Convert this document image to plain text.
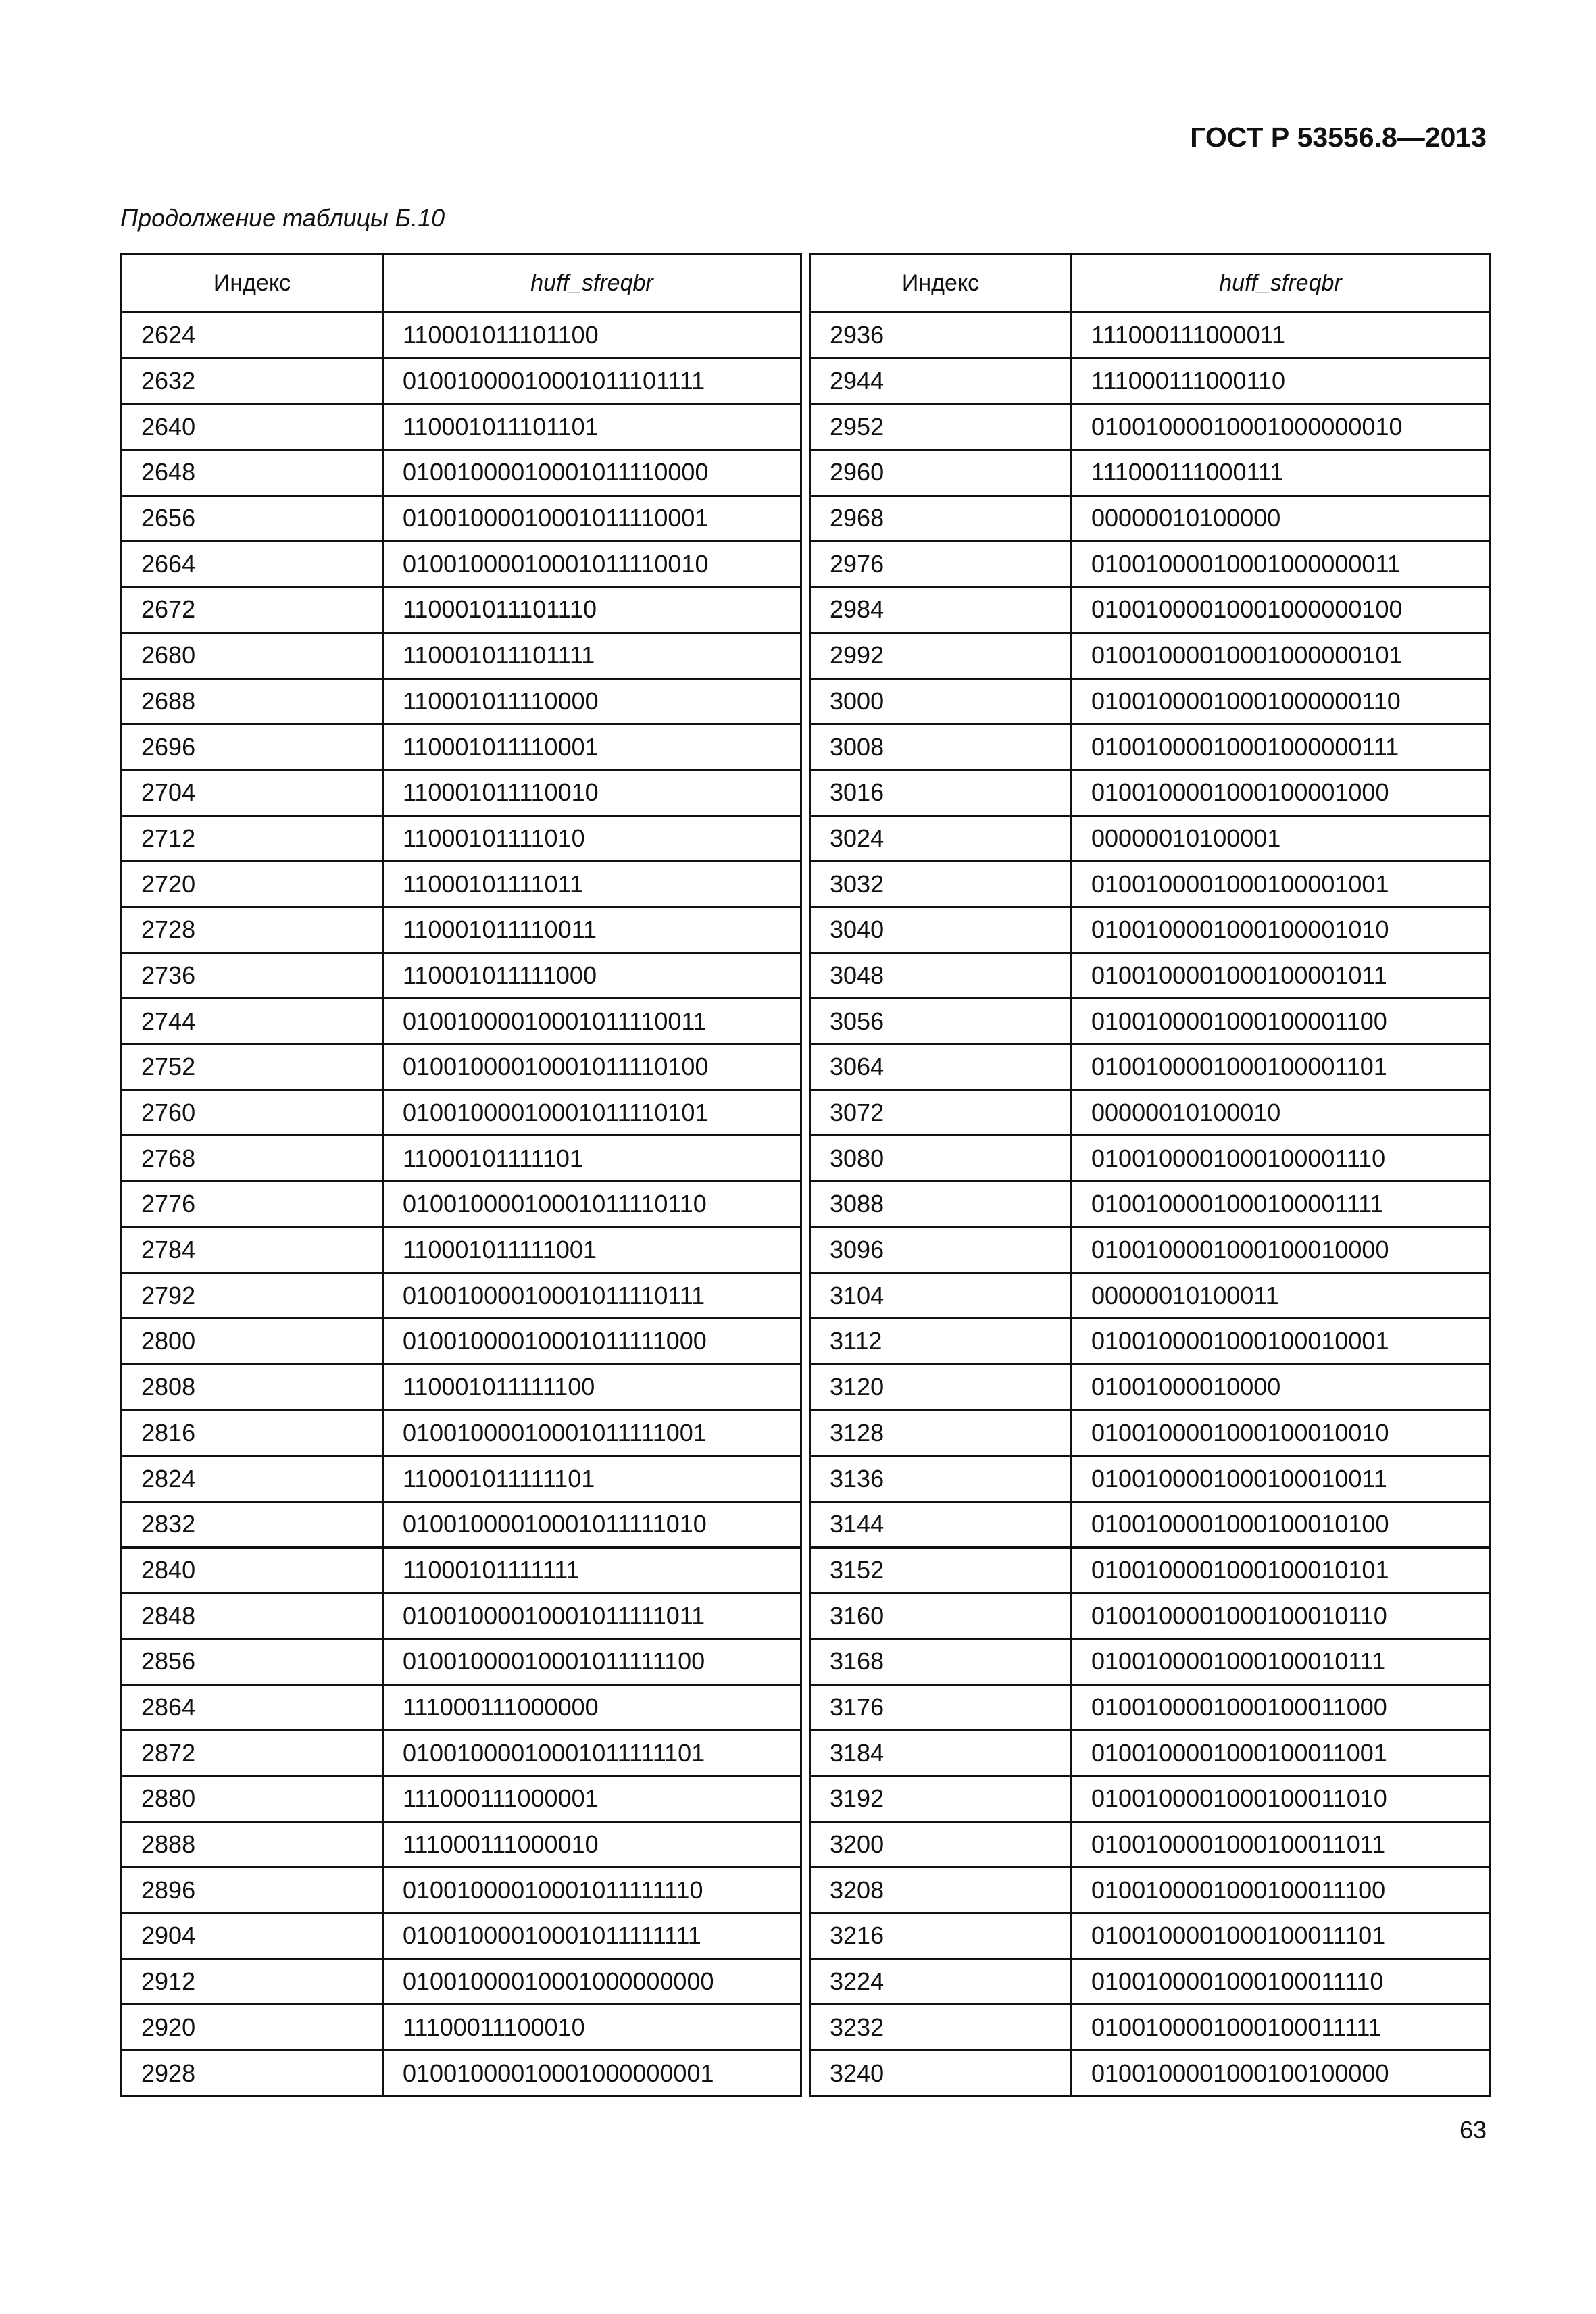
ГОСТ Р 53556.8—2013
Продолжение таблицы Б.10
Индекс	huff_sfreqbr
2624	110001011101100
2632	01001000010001011101111
2640	110001011101101
2648	01001000010001011110000
2656	01001000010001011110001
2664	01001000010001011110010
2672	110001011101110
2680	110001011101111
2688	110001011110000
2696	110001011110001
2704	110001011110010
2712	11000101111010
2720	11000101111011
2728	110001011110011
2736	110001011111000
2744	01001000010001011110011
2752	01001000010001011110100
2760	01001000010001011110101
2768	11000101111101
2776	01001000010001011110110
2784	110001011111001
2792	01001000010001011110111
2800	01001000010001011111000
2808	110001011111100
2816	01001000010001011111001
2824	110001011111101
2832	01001000010001011111010
2840	11000101111111
2848	01001000010001011111011
2856	01001000010001011111100
2864	111000111000000
2872	01001000010001011111101
2880	111000111000001
2888	111000111000010
2896	01001000010001011111110
2904	01001000010001011111111
2912	01001000010001000000000
2920	11100011100010
2928	01001000010001000000001
Индекс	huff_sfreqbr
2936	111000111000011
2944	111000111000110
2952	01001000010001000000010
2960	111000111000111
2968	00000010100000
2976	01001000010001000000011
2984	01001000010001000000100
2992	01001000010001000000101
3000	01001000010001000000110
3008	01001000010001000000111
3016	0100100001000100001000
3024	00000010100001
3032	0100100001000100001001
3040	0100100001000100001010
3048	0100100001000100001011
3056	0100100001000100001100
3064	0100100001000100001101
3072	00000010100010
3080	0100100001000100001110
3088	0100100001000100001111
3096	0100100001000100010000
3104	00000010100011
3112	0100100001000100010001
3120	01001000010000
3128	0100100001000100010010
3136	0100100001000100010011
3144	0100100001000100010100
3152	0100100001000100010101
3160	0100100001000100010110
3168	0100100001000100010111
3176	0100100001000100011000
3184	0100100001000100011001
3192	0100100001000100011010
3200	0100100001000100011011
3208	0100100001000100011100
3216	0100100001000100011101
3224	0100100001000100011110
3232	0100100001000100011111
3240	0100100001000100100000
63
